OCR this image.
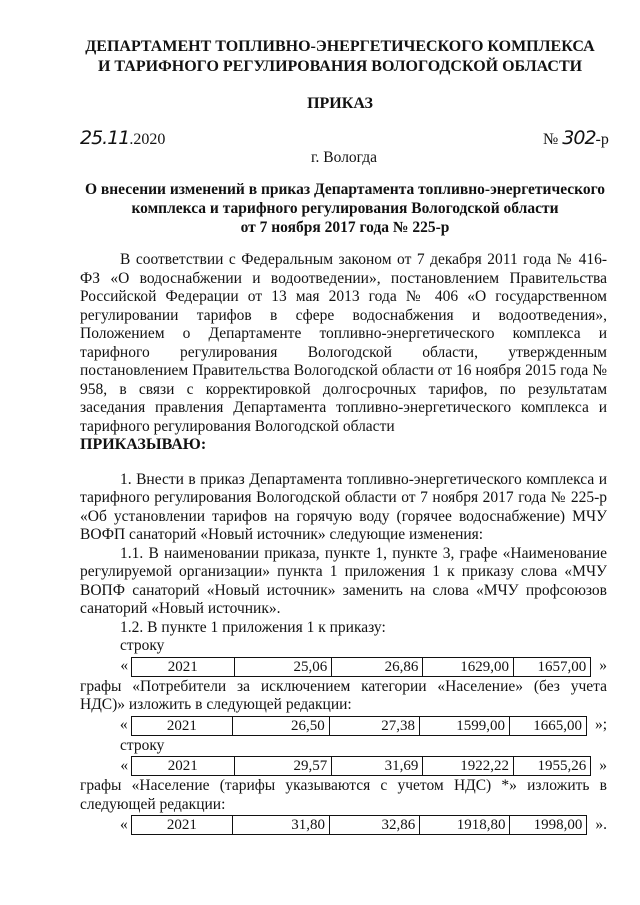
ДЕПАРТАМЕНТ ТОПЛИВНО-ЭНЕРГЕТИЧЕСКОГО КОМПЛЕКСА
И ТАРИФНОГО РЕГУЛИРОВАНИЯ ВОЛОГОДСКОЙ ОБЛАСТИ
ПРИКАЗ
25.11.2020	№ 302-р
г. Вологда
О внесении изменений в приказ Департамента топливно-энергетического
комплекса и тарифного регулирования Вологодской области
от 7 ноября 2017 года № 225-р

В соответствии с Федеральным законом от 7 декабря 2011 года № 416-ФЗ «О водоснабжении и водоотведении», постановлением Правительства Российской Федерации от 13 мая 2013 года № 406 «О государственном регулировании тарифов в сфере водоснабжения и водоотведения», Положением о Департаменте топливно-энергетического комплекса и тарифного регулирования Вологодской области, утвержденным постановлением Правительства Вологодской области от 16 ноября 2015 года № 958, в связи с корректировкой долгосрочных тарифов, по результатам заседания правления Департамента топливно-энергетического комплекса и тарифного регулирования Вологодской области

ПРИКАЗЫВАЮ:

1. Внести в приказ Департамента топливно-энергетического комплекса и тарифного регулирования Вологодской области от 7 ноября 2017 года № 225-р «Об установлении тарифов на горячую воду (горячее водоснабжение) МЧУ ВОФП санаторий «Новый источник» следующие изменения:

1.1. В наименовании приказа, пункте 1, пункте 3, графе «Наименование регулируемой организации» пункта 1 приложения 1 к приказу слова «МЧУ ВОПФ санаторий «Новый источник» заменить на слова «МЧУ профсоюзов санаторий «Новый источник».

1.2. В пункте 1 приложения 1 к приказу:

строку
«	2021	25,06	26,86	1629,00	1657,00 »

графы «Потребители за исключением категории «Население» (без учета НДС)» изложить в следующей редакции:

«	2021	26,50	27,38	1599,00	1665,00 »;
строку
«	2021	29,57	31,69	1922,22	1955,26 »

графы «Население (тарифы указываются с учетом НДС) *» изложить в следующей редакции:

«	2021	31,80	32,86	1918,80	1998,00 ».
